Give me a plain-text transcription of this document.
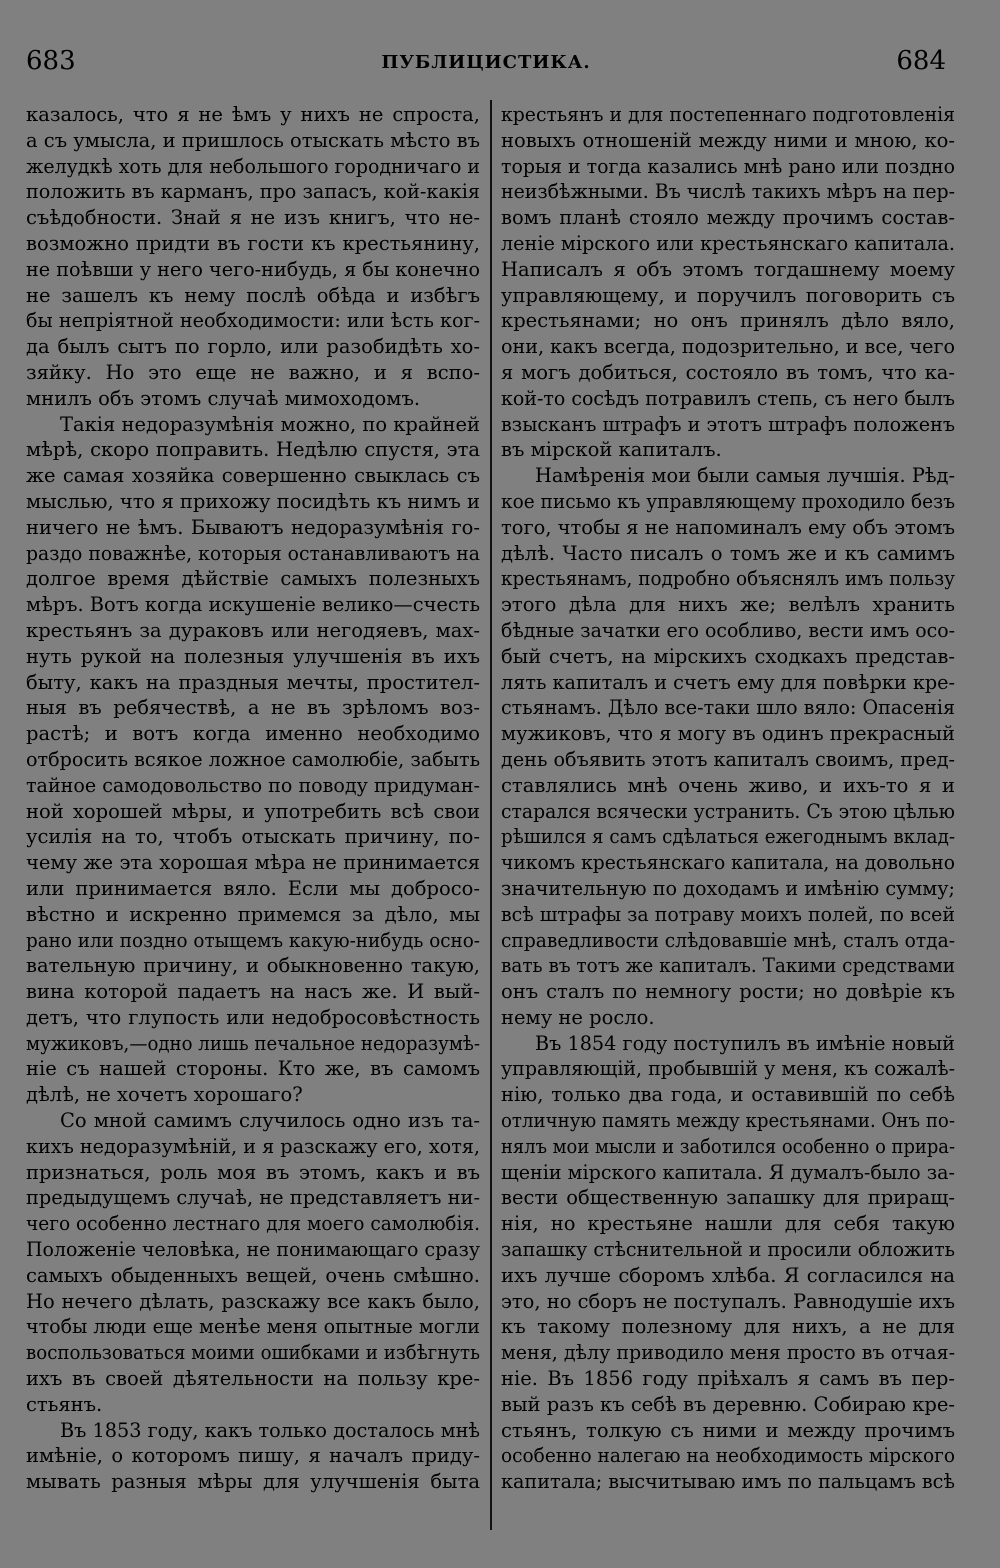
683	ПУБЛИЦИСТИКА.	684
казалось, что я не ѣмъ у нихъ не спроста,
а съ умысла, и пришлось отыскать мѣсто въ
желудкѣ хоть для небольшого городничаго и
положить въ карманъ, про запасъ, кой-какія
съѣдобности. Знай я не изъ книгъ, что не-
возможно придти въ гости къ крестьянину,
не поѣвши у него чего-нибудь, я бы конечно
не зашелъ къ нему послѣ обѣда и избѣгъ
бы непріятной необходимости: или ѣсть ког-
да былъ сытъ по горло, или разобидѣть хо-
зяйку. Но это еще не важно, и я вспо-
мнилъ объ этомъ случаѣ мимоходомъ.
Такія недоразумѣнія можно, по крайней
мѣрѣ, скоро поправить. Недѣлю спустя, эта
же самая хозяйка совершенно свыклась съ
мыслью, что я прихожу посидѣть къ нимъ и
ничего не ѣмъ. Бываютъ недоразумѣнія го-
раздо поважнѣе, которыя останавливаютъ на
долгое время дѣйствіе самыхъ полезныхъ
мѣръ. Вотъ когда искушеніе велико—счесть
крестьянъ за дураковъ или негодяевъ, мах-
нуть рукой на полезныя улучшенія въ ихъ
быту, какъ на праздныя мечты, простител-
ныя въ ребячествѣ, а не въ зрѣломъ воз-
растѣ; и вотъ когда именно необходимо
отбросить всякое ложное самолюбіе, забыть
тайное самодовольство по поводу придуман-
ной хорошей мѣры, и употребить всѣ свои
усилія на то, чтобъ отыскать причину, по-
чему же эта хорошая мѣра не принимается
или принимается вяло. Если мы добросо-
вѣстно и искренно примемся за дѣло, мы
рано или поздно отыщемъ какую-нибудь осно-
вательную причину, и обыкновенно такую,
вина которой падаетъ на насъ же. И вый-
детъ, что глупость или недобросовѣстность
мужиковъ,—одно лишь печальное недоразумѣ-
ніе съ нашей стороны. Кто же, въ самомъ
дѣлѣ, не хочетъ хорошаго?
Со мной самимъ случилось одно изъ та-
кихъ недоразумѣній, и я разскажу его, хотя,
признаться, роль моя въ этомъ, какъ и въ
предыдущемъ случаѣ, не представляетъ ни-
чего особенно лестнаго для моего самолюбія.
Положеніе человѣка, не понимающаго сразу
самыхъ обыденныхъ вещей, очень смѣшно.
Но нечего дѣлать, разскажу все какъ было,
чтобы люди еще менѣе меня опытные могли
воспользоваться моими ошибками и избѣгнуть
ихъ въ своей дѣятельности на пользу кре-
стьянъ.
Въ 1853 году, какъ только досталось мнѣ
имѣніе, о которомъ пишу, я началъ приду-
мывать разныя мѣры для улучшенія быта
крестьянъ и для постепеннаго подготовленія
новыхъ отношеній между ними и мною, ко-
торыя и тогда казались мнѣ рано или поздно
неизбѣжными. Въ числѣ такихъ мѣръ на пер-
вомъ планѣ стояло между прочимъ состав-
леніе мірского или крестьянскаго капитала.
Написалъ я объ этомъ тогдашнему моему
управляющему, и поручилъ поговорить съ
крестьянами; но онъ принялъ дѣло вяло,
они, какъ всегда, подозрительно, и все, чего
я могъ добиться, состояло въ томъ, что ка-
кой-то сосѣдъ потравилъ степь, съ него былъ
взысканъ штрафъ и этотъ штрафъ положенъ
въ мірской капиталъ.
Намѣренія мои были самыя лучшія. Рѣд-
кое письмо къ управляющему проходило безъ
того, чтобы я не напоминалъ ему объ этомъ
дѣлѣ. Часто писалъ о томъ же и къ самимъ
крестьянамъ, подробно объяснялъ имъ пользу
этого дѣла для нихъ же; велѣлъ хранить
бѣдные зачатки его особливо, вести имъ осо-
бый счетъ, на мірскихъ сходкахъ представ-
лять капиталъ и счетъ ему для повѣрки кре-
стьянамъ. Дѣло все-таки шло вяло: Опасенія
мужиковъ, что я могу въ одинъ прекрасный
день объявить этотъ капиталъ своимъ, пред-
ставлялись мнѣ очень живо, и ихъ-то я и
старался всячески устранить. Съ этою цѣлью
рѣшился я самъ сдѣлаться ежегоднымъ вклад-
чикомъ крестьянскаго капитала, на довольно
значительную по доходамъ и имѣнію сумму;
всѣ штрафы за потраву моихъ полей, по всей
справедливости слѣдовавшіе мнѣ, сталъ отда-
вать въ тотъ же капиталъ. Такими средствами
онъ сталъ по немногу рости; но довѣріе къ
нему не росло.
Въ 1854 году поступилъ въ имѣніе новый
управляющій, пробывшій у меня, къ сожалѣ-
нію, только два года, и оставившій по себѣ
отличную память между крестьянами. Онъ по-
нялъ мои мысли и заботился особенно о прира-
щеніи мірского капитала. Я думалъ-было за-
вести общественную запашку для приращ-
нія, но крестьяне нашли для себя такую
запашку стѣснительной и просили обложить
ихъ лучше сборомъ хлѣба. Я согласился на
это, но сборъ не поступалъ. Равнодушіе ихъ
къ такому полезному для нихъ, а не для
меня, дѣлу приводило меня просто въ отчая-
ніе. Въ 1856 году пріѣхалъ я самъ въ пер-
вый разъ къ себѣ въ деревню. Собираю кре-
стьянъ, толкую съ ними и между прочимъ
особенно налегаю на необходимость мірского
капитала; высчитываю имъ по пальцамъ всѣ
